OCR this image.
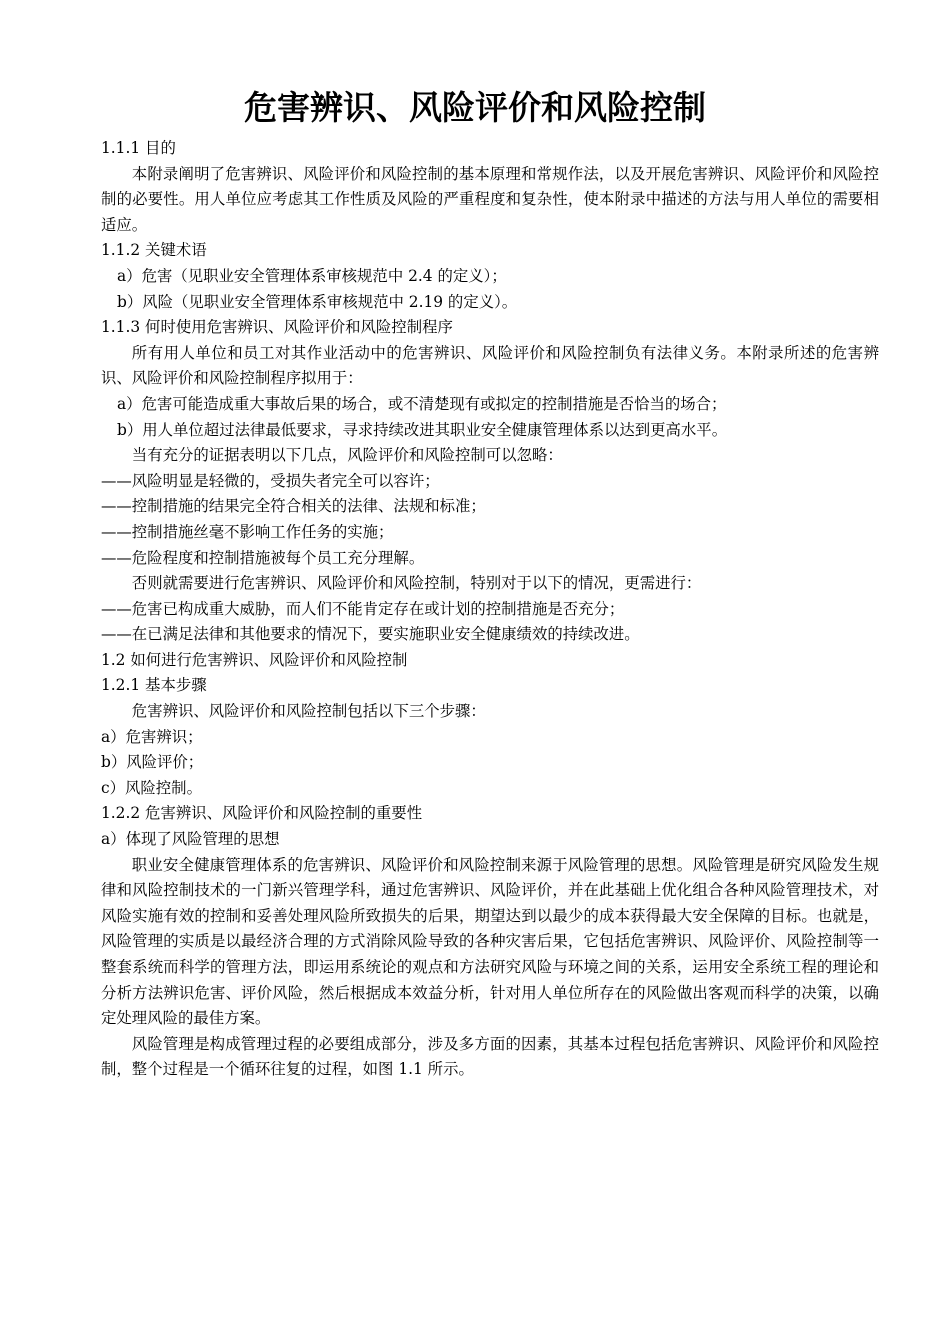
危害辨识、风险评价和风险控制

1.1.1 目的

本附录阐明了危害辨识、风险评价和风险控制的基本原理和常规作法，以及开展危害辨识、风险评价和风险控制的必要性。用人单位应考虑其工作性质及风险的严重程度和复杂性，使本附录中描述的方法与用人单位的需要相适应。

1.1.2 关键术语

a）危害（见职业安全管理体系审核规范中 2.4 的定义）；

b）风险（见职业安全管理体系审核规范中 2.19 的定义）。

1.1.3 何时使用危害辨识、风险评价和风险控制程序

所有用人单位和员工对其作业活动中的危害辨识、风险评价和风险控制负有法律义务。本附录所述的危害辨识、风险评价和风险控制程序拟用于：

a）危害可能造成重大事故后果的场合，或不清楚现有或拟定的控制措施是否恰当的场合；

b）用人单位超过法律最低要求，寻求持续改进其职业安全健康管理体系以达到更高水平。

当有充分的证据表明以下几点，风险评价和风险控制可以忽略：

——风险明显是轻微的，受损失者完全可以容许；

——控制措施的结果完全符合相关的法律、法规和标准；

——控制措施丝毫不影响工作任务的实施；

——危险程度和控制措施被每个员工充分理解。

否则就需要进行危害辨识、风险评价和风险控制，特别对于以下的情况，更需进行：

——危害已构成重大威胁，而人们不能肯定存在或计划的控制措施是否充分；

——在已满足法律和其他要求的情况下，要实施职业安全健康绩效的持续改进。

1.2 如何进行危害辨识、风险评价和风险控制

1.2.1 基本步骤

危害辨识、风险评价和风险控制包括以下三个步骤：

a）危害辨识；

b）风险评价；

c）风险控制。

1.2.2 危害辨识、风险评价和风险控制的重要性

a）体现了风险管理的思想

职业安全健康管理体系的危害辨识、风险评价和风险控制来源于风险管理的思想。风险管理是研究风险发生规律和风险控制技术的一门新兴管理学科，通过危害辨识、风险评价，并在此基础上优化组合各种风险管理技术，对风险实施有效的控制和妥善处理风险所致损失的后果，期望达到以最少的成本获得最大安全保障的目标。也就是，风险管理的实质是以最经济合理的方式消除风险导致的各种灾害后果，它包括危害辨识、风险评价、风险控制等一整套系统而科学的管理方法，即运用系统论的观点和方法研究风险与环境之间的关系，运用安全系统工程的理论和分析方法辨识危害、评价风险，然后根据成本效益分析，针对用人单位所存在的风险做出客观而科学的决策，以确定处理风险的最佳方案。

风险管理是构成管理过程的必要组成部分，涉及多方面的因素，其基本过程包括危害辨识、风险评价和风险控制，整个过程是一个循环往复的过程，如图 1.1 所示。
